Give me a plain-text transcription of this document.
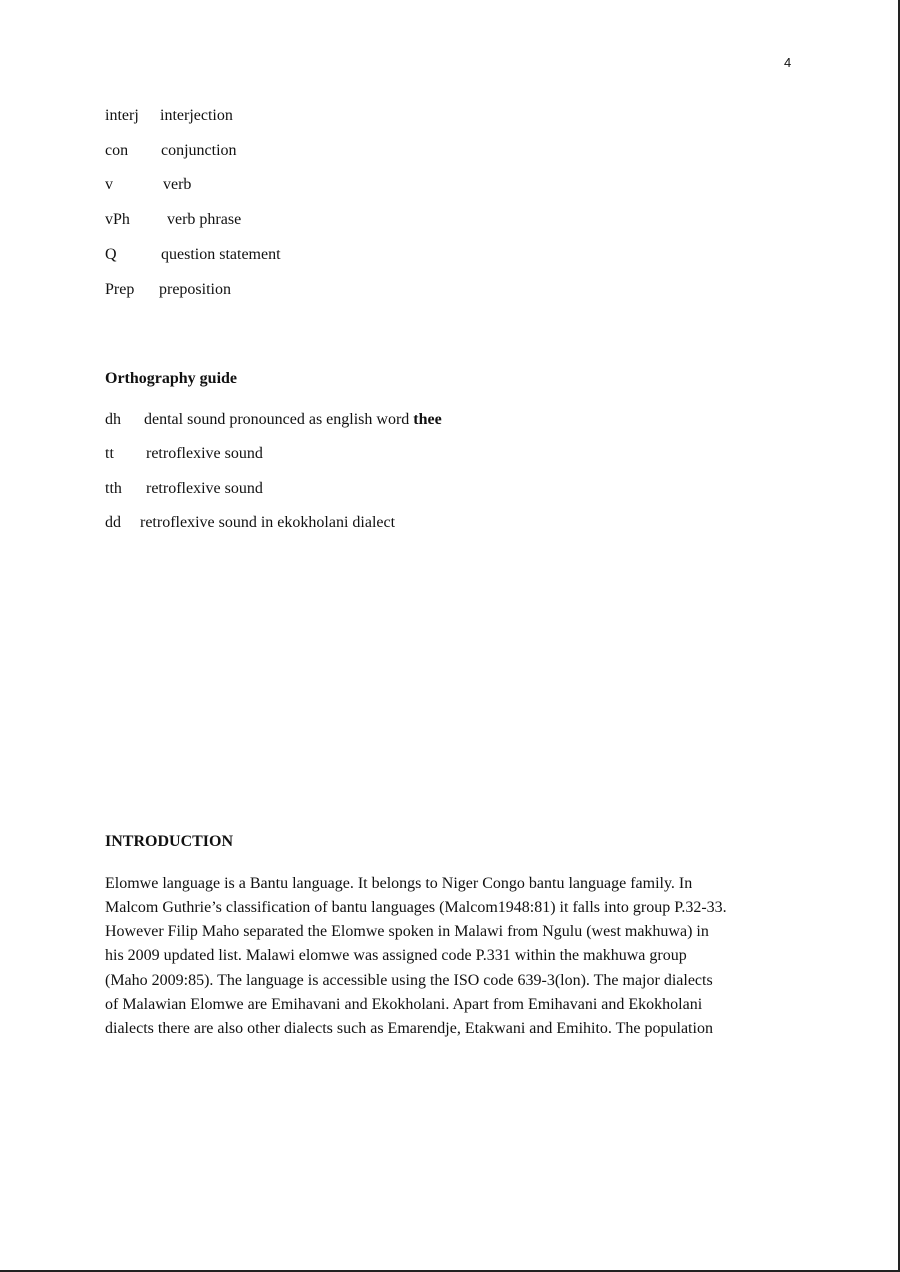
4
interj interjection
con conjunction
v	verb
vPh verb phrase
Q	question statement
Prep preposition
Orthography guide
dh dental sound pronounced as english word thee
tt retroflexive sound
tth retroflexive sound
dd retroflexive sound in ekokholani dialect
INTRODUCTION
Elomwe language is a Bantu language. It belongs to Niger Congo bantu language family. In
Malcom Guthrie’s classification of bantu languages (Malcom1948:81) it falls into group P.32-33.
However Filip Maho separated the Elomwe spoken in Malawi from Ngulu (west makhuwa) in
his 2009 updated list. Malawi elomwe was assigned code P.331 within the makhuwa group
(Maho 2009:85). The language is accessible using the ISO code 639-3(lon). The major dialects
of Malawian Elomwe are Emihavani and Ekokholani. Apart from Emihavani and Ekokholani
dialects there are also other dialects such as Emarendje, Etakwani and Emihito. The population
